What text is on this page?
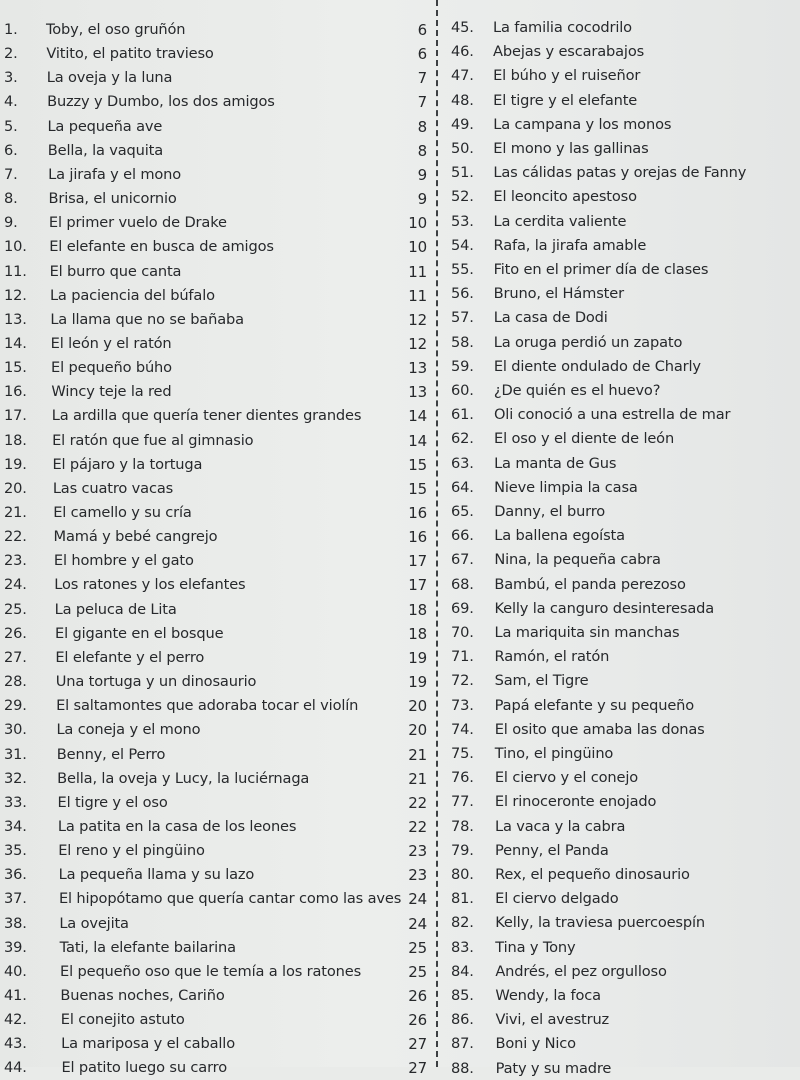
1. Toby, el oso gruñón	6
2. Vitito, el patito travieso	6
3. La oveja y la luna	7
4. Buzzy y Dumbo, los dos amigos	7
5. La pequeña ave	8
6. Bella, la vaquita	8
7. La jirafa y el mono	9
8. Brisa, el unicornio	9
9. El primer vuelo de Drake	10
10. El elefante en busca de amigos	10
11. El burro que canta	11
12. La paciencia del búfalo	11
13. La llama que no se bañaba	12
14. El león y el ratón	12
15. El pequeño búho	13
16. Wincy teje la red	13
17. La ardilla que quería tener dientes grandes	14
18. El ratón que fue al gimnasio	14
19. El pájaro y la tortuga	15
20. Las cuatro vacas	15
21. El camello y su cría	16
22. Mamá y bebé cangrejo	16
23. El hombre y el gato	17
24. Los ratones y los elefantes	17
25. La peluca de Lita	18
26. El gigante en el bosque	18
27. El elefante y el perro	19
28. Una tortuga y un dinosaurio	19
29. El saltamontes que adoraba tocar el violín	20
30. La coneja y el mono	20
31. Benny, el Perro	21
32. Bella, la oveja y Lucy, la luciérnaga	21
33. El tigre y el oso	22
34. La patita en la casa de los leones	22
35. El reno y el pingüino	23
36. La pequeña llama y su lazo	23
37. El hipopótamo que quería cantar como las aves 24
38. La ovejita	24
39. Tati, la elefante bailarina	25
40. El pequeño oso que le temía a los ratones	25
41. Buenas noches, Cariño	26
42. El conejito astuto	26
43. La mariposa y el caballo	27
44. El patito luego su carro	27
45. La familia cocodrilo
46. Abejas y escarabajos
47. El búho y el ruiseñor
48. El tigre y el elefante
49. La campana y los monos
50. El mono y las gallinas
51. Las cálidas patas y orejas de Fanny
52. El leoncito apestoso
53. La cerdita valiente
54. Rafa, la jirafa amable
55. Fito en el primer día de clases
56. Bruno, el Hámster
57. La casa de Dodi
58. La oruga perdió un zapato
59. El diente ondulado de Charly
60. ¿De quién es el huevo?
61. Oli conoció a una estrella de mar
62. El oso y el diente de león
63. La manta de Gus
64. Nieve limpia la casa
65. Danny, el burro
66. La ballena egoísta
67. Nina, la pequeña cabra
68. Bambú, el panda perezoso
69. Kelly la canguro desinteresada
70. La mariquita sin manchas
71. Ramón, el ratón
72. Sam, el Tigre
73. Papá elefante y su pequeño
74. El osito que amaba las donas
75. Tino, el pingüino
76. El ciervo y el conejo
77. El rinoceronte enojado
78. La vaca y la cabra
79. Penny, el Panda
80. Rex, el pequeño dinosaurio
81. El ciervo delgado
82. Kelly, la traviesa puercoespín
83. Tina y Tony
84. Andrés, el pez orgulloso
85. Wendy, la foca
86. Vivi, el avestruz
87. Boni y Nico
88. Paty y su madre
